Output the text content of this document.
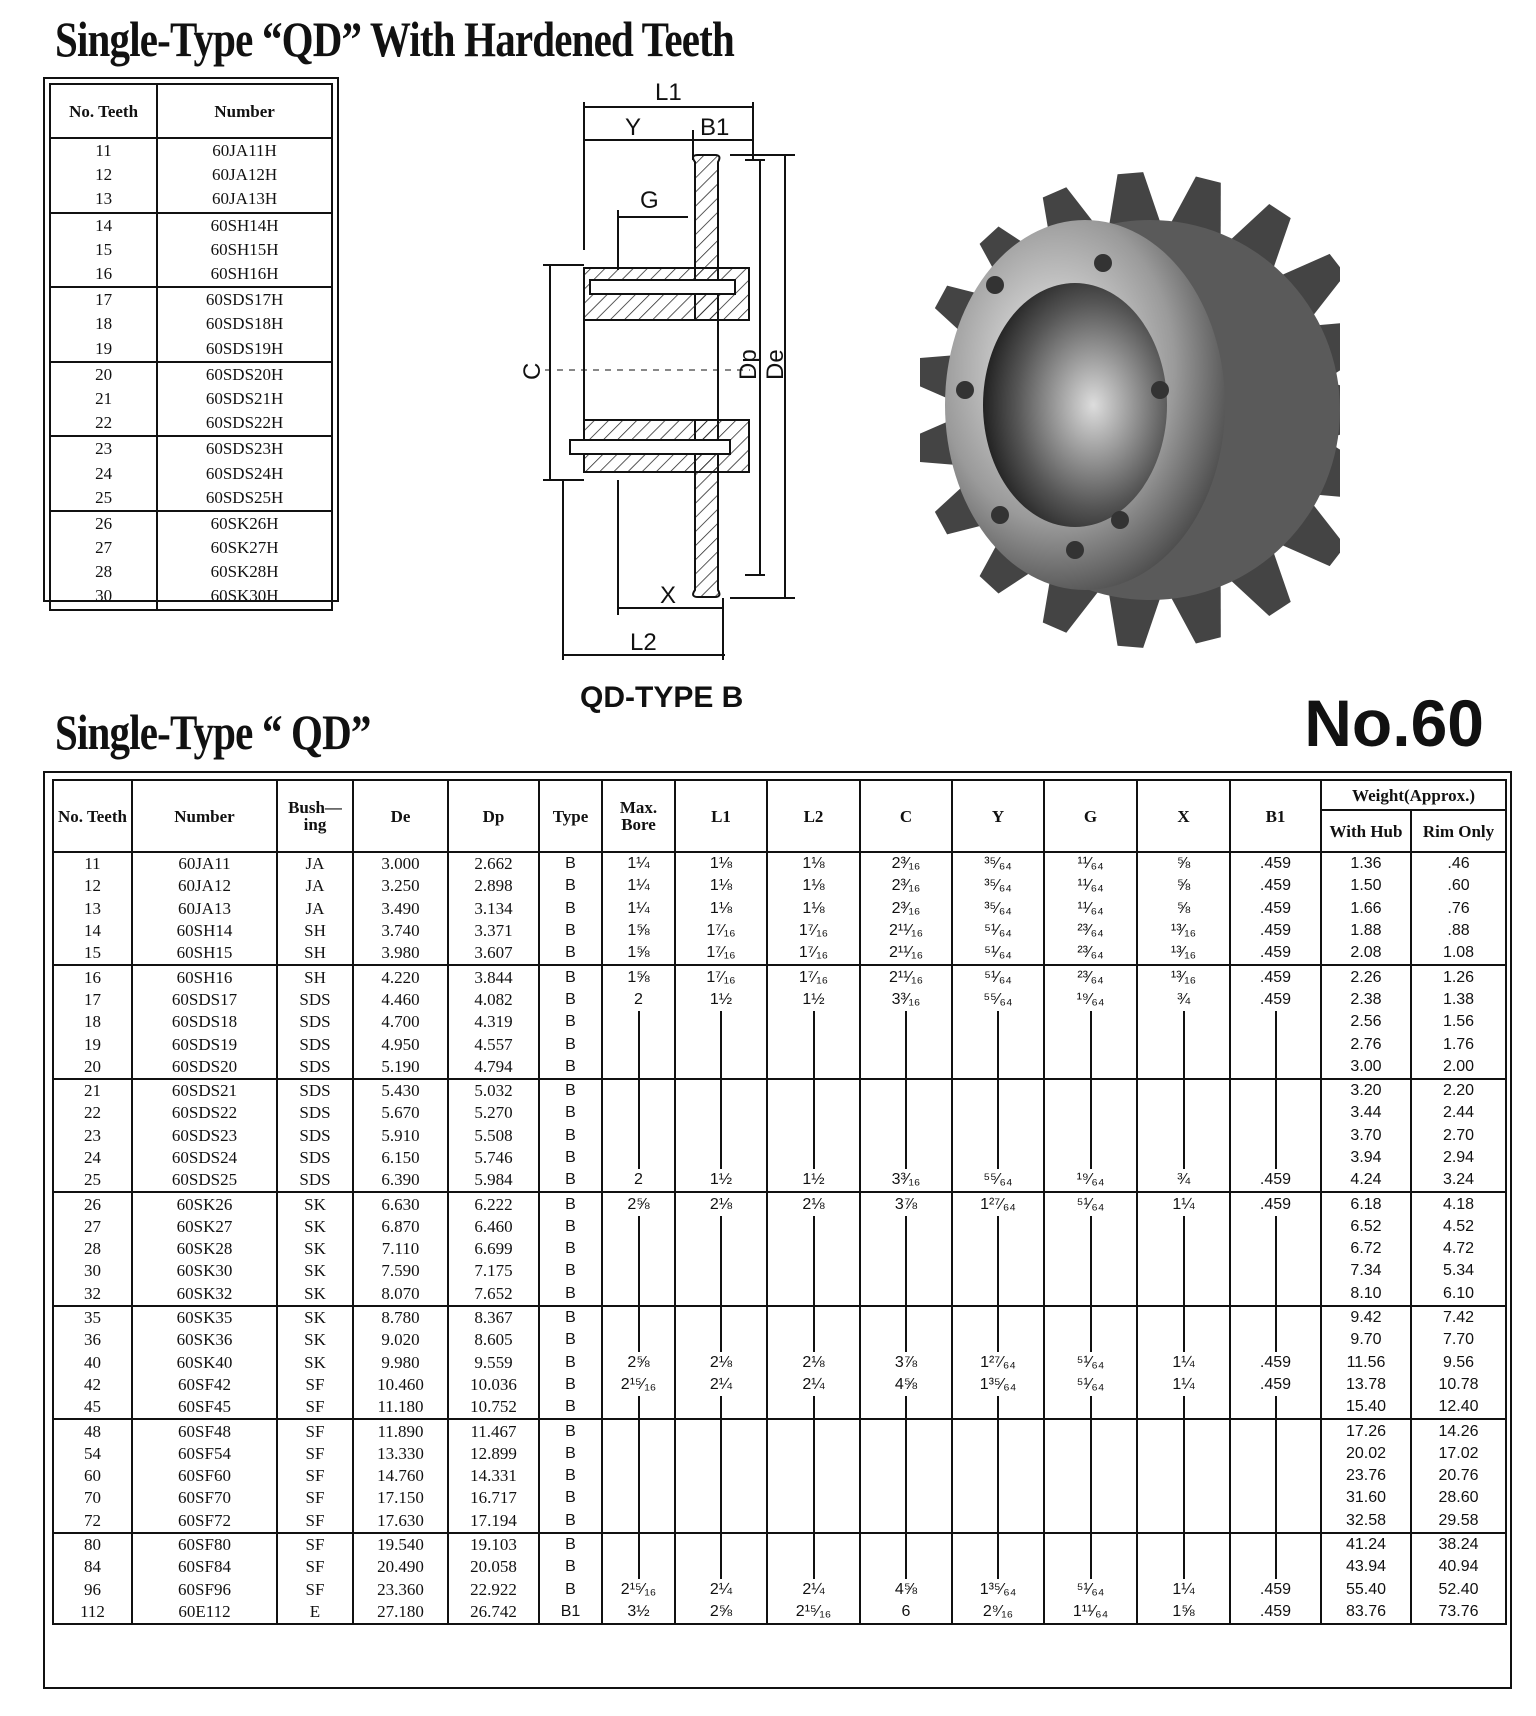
Single-Type “QD” With Hardened Teeth
No. Teeth	Number
11	60JA11H
12	60JA12H
13	60JA13H
14	60SH14H
15	60SH15H
16	60SH16H
17	60SDS17H
18	60SDS18H
19	60SDS19H
20	60SDS20H
21	60SDS21H
22	60SDS22H
23	60SDS23H
24	60SDS24H
25	60SDS25H
26	60SK26H
27	60SK27H
28	60SK28H
30	60SK30H
L1
Y B1
G
C	Dp De
X
L2
QD-TYPE B
Single-Type “ QD”	No.60
No. Teeth	Number	Bush—ing	De	Dp	Type	Max. Bore	L1	L2	C	Y	G	X	B1	Weight(Approx.)	
														With Hub	Rim Only
11	60JA11	JA	3.000	2.662	B	1¼	1⅛	1⅛	2³⁄₁₆	³⁵⁄₆₄	¹¹⁄₆₄	⅝	.459	1.36	.46
12	60JA12	JA	3.250	2.898	B	1¼	1⅛	1⅛	2³⁄₁₆	³⁵⁄₆₄	¹¹⁄₆₄	⅝	.459	1.50	.60
13	60JA13	JA	3.490	3.134	B	1¼	1⅛	1⅛	2³⁄₁₆	³⁵⁄₆₄	¹¹⁄₆₄	⅝	.459	1.66	.76
14	60SH14	SH	3.740	3.371	B	1⅝	1⁷⁄₁₆	1⁷⁄₁₆	2¹¹⁄₁₆	⁵¹⁄₆₄	²³⁄₆₄	¹³⁄₁₆	.459	1.88	.88
15	60SH15	SH	3.980	3.607	B	1⅝	1⁷⁄₁₆	1⁷⁄₁₆	2¹¹⁄₁₆	⁵¹⁄₆₄	²³⁄₆₄	¹³⁄₁₆	.459	2.08	1.08
16	60SH16	SH	4.220	3.844	B	1⅝	1⁷⁄₁₆	1⁷⁄₁₆	2¹¹⁄₁₆	⁵¹⁄₆₄	²³⁄₆₄	¹³⁄₁₆	.459	2.26	1.26
17	60SDS17	SDS	4.460	4.082	B	2	1½	1½	3³⁄₁₆	⁵⁵⁄₆₄	¹⁹⁄₆₄	¾	.459	2.38	1.38
18	60SDS18	SDS	4.700	4.319	B									2.56	1.56
19	60SDS19	SDS	4.950	4.557	B									2.76	1.76
20	60SDS20	SDS	5.190	4.794	B									3.00	2.00
21	60SDS21	SDS	5.430	5.032	B									3.20	2.20
22	60SDS22	SDS	5.670	5.270	B									3.44	2.44
23	60SDS23	SDS	5.910	5.508	B									3.70	2.70
24	60SDS24	SDS	6.150	5.746	B									3.94	2.94
25	60SDS25	SDS	6.390	5.984	B	2	1½	1½	3³⁄₁₆	⁵⁵⁄₆₄	¹⁹⁄₆₄	¾	.459	4.24	3.24
26	60SK26	SK	6.630	6.222	B	2⅝	2⅛	2⅛	3⅞	1²⁷⁄₆₄	⁵¹⁄₆₄	1¼	.459	6.18	4.18
27	60SK27	SK	6.870	6.460	B									6.52	4.52
28	60SK28	SK	7.110	6.699	B									6.72	4.72
30	60SK30	SK	7.590	7.175	B									7.34	5.34
32	60SK32	SK	8.070	7.652	B									8.10	6.10
35	60SK35	SK	8.780	8.367	B									9.42	7.42
36	60SK36	SK	9.020	8.605	B									9.70	7.70
40	60SK40	SK	9.980	9.559	B	2⅝	2⅛	2⅛	3⅞	1²⁷⁄₆₄	⁵¹⁄₆₄	1¼	.459	11.56	9.56
42	60SF42	SF	10.460	10.036	B	2¹⁵⁄₁₆	2¼	2¼	4⅝	1³⁵⁄₆₄	⁵¹⁄₆₄	1¼	.459	13.78	10.78
45	60SF45	SF	11.180	10.752	B									15.40	12.40
48	60SF48	SF	11.890	11.467	B									17.26	14.26
54	60SF54	SF	13.330	12.899	B									20.02	17.02
60	60SF60	SF	14.760	14.331	B									23.76	20.76
70	60SF70	SF	17.150	16.717	B									31.60	28.60
72	60SF72	SF	17.630	17.194	B									32.58	29.58
80	60SF80	SF	19.540	19.103	B									41.24	38.24
84	60SF84	SF	20.490	20.058	B									43.94	40.94
96	60SF96	SF	23.360	22.922	B	2¹⁵⁄₁₆	2¼	2¼	4⅝	1³⁵⁄₆₄	⁵¹⁄₆₄	1¼	.459	55.40	52.40
112	60E112	E	27.180	26.742	B1	3½	2⅝	2¹⁵⁄₁₆	6	2⁹⁄₁₆	1¹¹⁄₆₄	1⅝	.459	83.76	73.76
